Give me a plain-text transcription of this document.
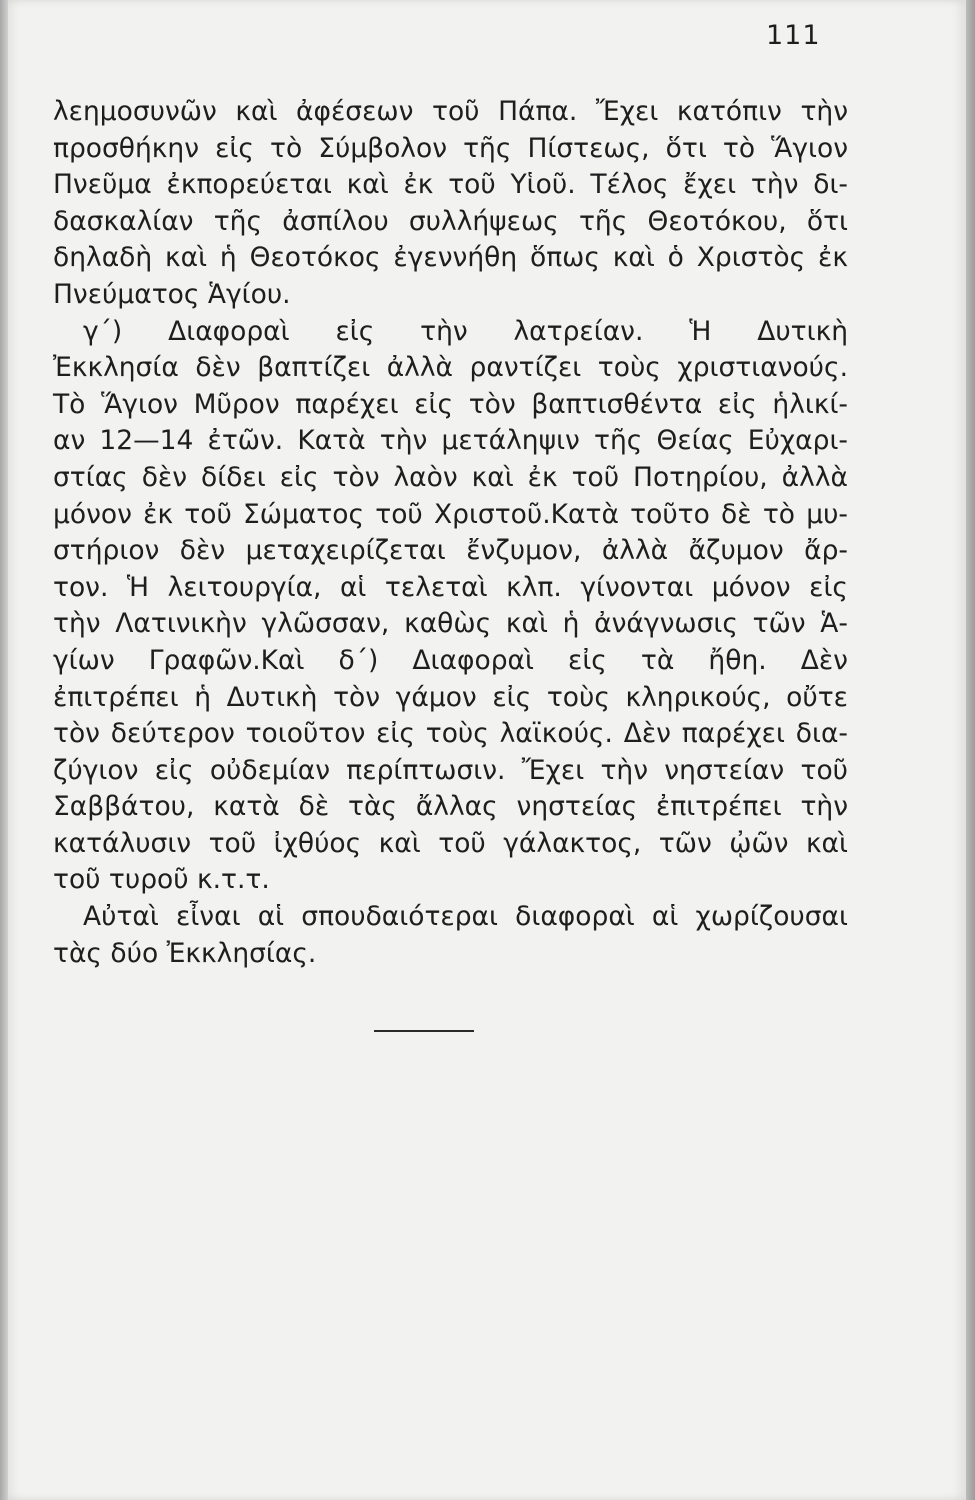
111
λεημοσυνῶν καὶ ἀφέσεων τοῦ Πάπα. Ἔχει κατόπιν τὴν
προσθήκην εἰς τὸ Σύμβολον τῆς Πίστεως, ὅτι τὸ Ἅγιον
Πνεῦμα ἐκπορεύεται καὶ ἐκ τοῦ Υἱοῦ. Τέλος ἔχει τὴν δι-
δασκαλίαν τῆς ἀσπίλου συλλήψεως τῆς Θεοτόκου, ὅτι
δηλαδὴ καὶ ἡ Θεοτόκος ἐγεννήθη ὅπως καὶ ὁ Χριστὸς ἐκ
Πνεύματος Ἁγίου.
γ΄) Διαφοραὶ εἰς τὴν λατρείαν. Ἡ Δυτικὴ
Ἐκκλησία δὲν βαπτίζει ἀλλὰ ραντίζει τοὺς χριστιανούς.
Τὸ Ἅγιον Μῦρον παρέχει εἰς τὸν βαπτισθέντα εἰς ἡλικί-
αν 12—14 ἐτῶν. Κατὰ τὴν μετάληψιν τῆς Θείας Εὐχαρι-
στίας δὲν δίδει εἰς τὸν λαὸν καὶ ἐκ τοῦ Ποτηρίου, ἀλλὰ
μόνον ἐκ τοῦ Σώματος τοῦ Χριστοῦ.Κατὰ τοῦτο δὲ τὸ μυ-
στήριον δὲν μεταχειρίζεται ἔνζυμον, ἀλλὰ ἄζυμον ἄρ-
τον. Ἡ λειτουργία, αἱ τελεταὶ κλπ. γίνονται μόνον εἰς
τὴν Λατινικὴν γλῶσσαν, καθὼς καὶ ἡ ἀνάγνωσις τῶν Ἁ-
γίων Γραφῶν.Καὶ δ΄) Διαφοραὶ εἰς τὰ ἤθη. Δὲν
ἐπιτρέπει ἡ Δυτικὴ τὸν γάμον εἰς τοὺς κληρικούς, οὔτε
τὸν δεύτερον τοιοῦτον εἰς τοὺς λαϊκούς. Δὲν παρέχει δια-
ζύγιον εἰς οὐδεμίαν περίπτωσιν. Ἔχει τὴν νηστείαν τοῦ
Σαββάτου, κατὰ δὲ τὰς ἄλλας νηστείας ἐπιτρέπει τὴν
κατάλυσιν τοῦ ἰχθύος καὶ τοῦ γάλακτος, τῶν ᾠῶν καὶ
τοῦ τυροῦ κ.τ.τ.
Αὐταὶ εἶναι αἱ σπουδαιότεραι διαφοραὶ αἱ χωρίζουσαι
τὰς δύο Ἐκκλησίας.
